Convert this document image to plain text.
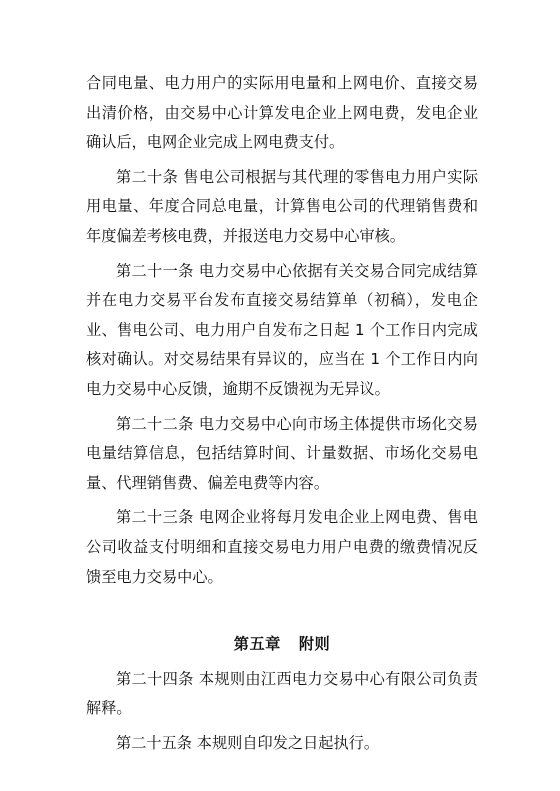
合同电量、电力用户的实际用电量和上网电价、直接交易出清价格，由交易中心计算发电企业上网电费，发电企业确认后，电网企业完成上网电费支付。

第二十条 售电公司根据与其代理的零售电力用户实际用电量、年度合同总电量，计算售电公司的代理销售费和年度偏差考核电费，并报送电力交易中心审核。

第二十一条 电力交易中心依据有关交易合同完成结算并在电力交易平台发布直接交易结算单（初稿），发电企业、售电公司、电力用户自发布之日起 1 个工作日内完成核对确认。对交易结果有异议的，应当在 1 个工作日内向电力交易中心反馈，逾期不反馈视为无异议。

第二十二条 电力交易中心向市场主体提供市场化交易电量结算信息，包括结算时间、计量数据、市场化交易电量、代理销售费、偏差电费等内容。

第二十三条 电网企业将每月发电企业上网电费、售电公司收益支付明细和直接交易电力用户电费的缴费情况反馈至电力交易中心。

第五章 附则

第二十四条 本规则由江西电力交易中心有限公司负责解释。

第二十五条 本规则自印发之日起执行。
